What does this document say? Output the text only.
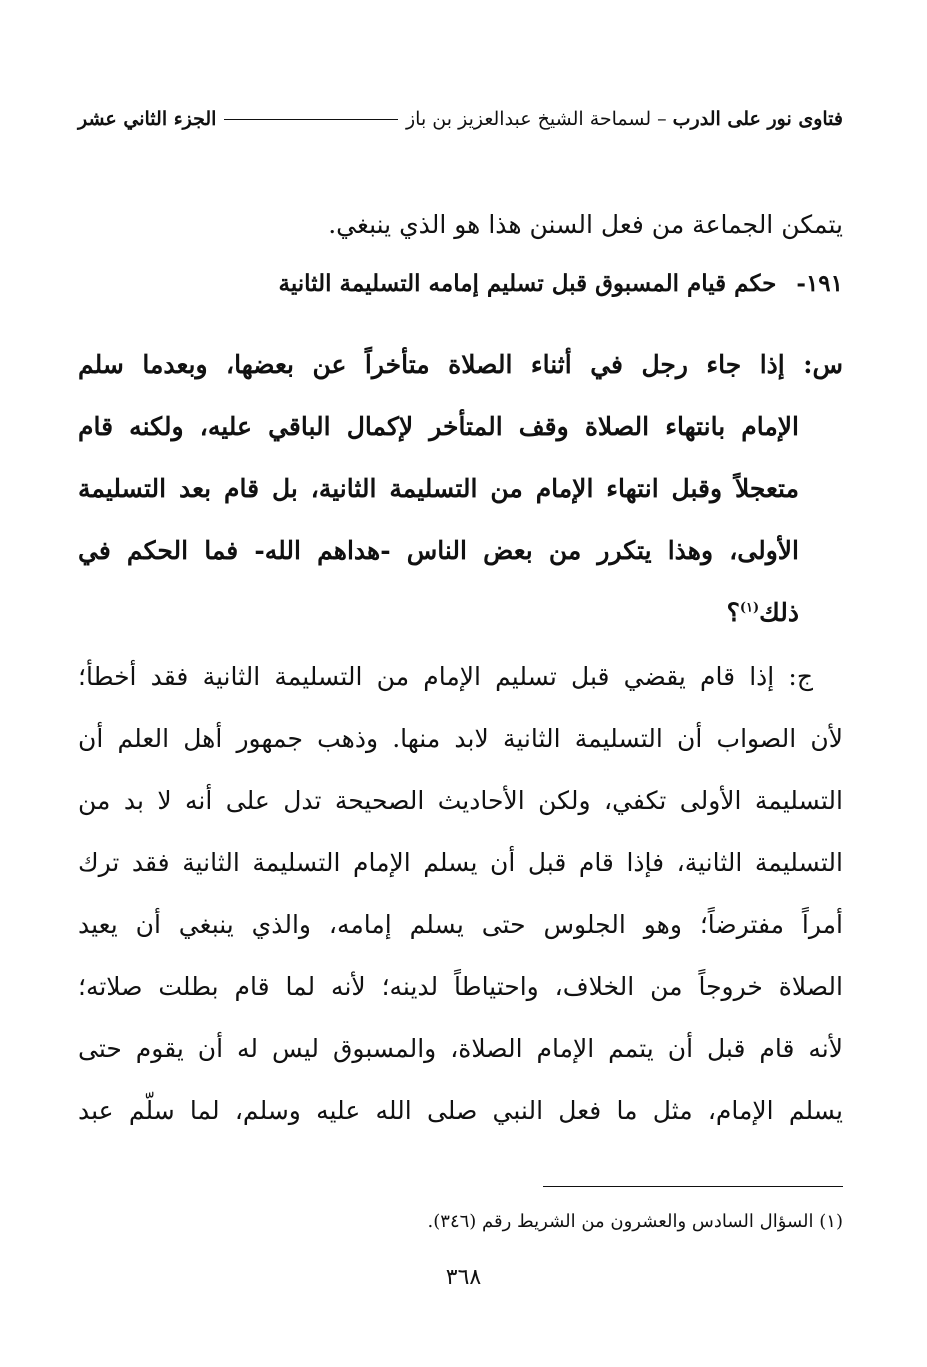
فتاوى نور على الدرب
–
لسماحة الشيخ عبدالعزيز بن باز
الجزء الثاني عشر
يتمكن الجماعة من فعل السنن هذا هو الذي ينبغي.
١٩١-حكم قيام المسبوق قبل تسليم إمامه التسليمة الثانية
س: إذا جاء رجل في أثناء الصلاة متأخراً عن بعضها، وبعدما سلم
الإمام بانتهاء الصلاة وقف المتأخر لإكمال الباقي عليه، ولكنه قام
متعجلاً وقبل انتهاء الإمام من التسليمة الثانية، بل قام بعد التسليمة
الأولى، وهذا يتكرر من بعض الناس -هداهم الله- فما الحكم في
ذلك$^{(١)}$؟
ج: إذا قام يقضي قبل تسليم الإمام من التسليمة الثانية فقد أخطأ؛
لأن الصواب أن التسليمة الثانية لابد منها. وذهب جمهور أهل العلم أن
التسليمة الأولى تكفي، ولكن الأحاديث الصحيحة تدل على أنه لا بد من
التسليمة الثانية، فإذا قام قبل أن يسلم الإمام التسليمة الثانية فقد ترك
أمراً مفترضاً؛ وهو الجلوس حتى يسلم إمامه، والذي ينبغي أن يعيد
الصلاة خروجاً من الخلاف، واحتياطاً لدينه؛ لأنه لما قام بطلت صلاته؛
لأنه قام قبل أن يتمم الإمام الصلاة، والمسبوق ليس له أن يقوم حتى
يسلم الإمام، مثل ما فعل النبي صلى الله عليه وسلم، لما سلّم عبد
(١) السؤال السادس والعشرون من الشريط رقم (٣٤٦).
٣٦٨
